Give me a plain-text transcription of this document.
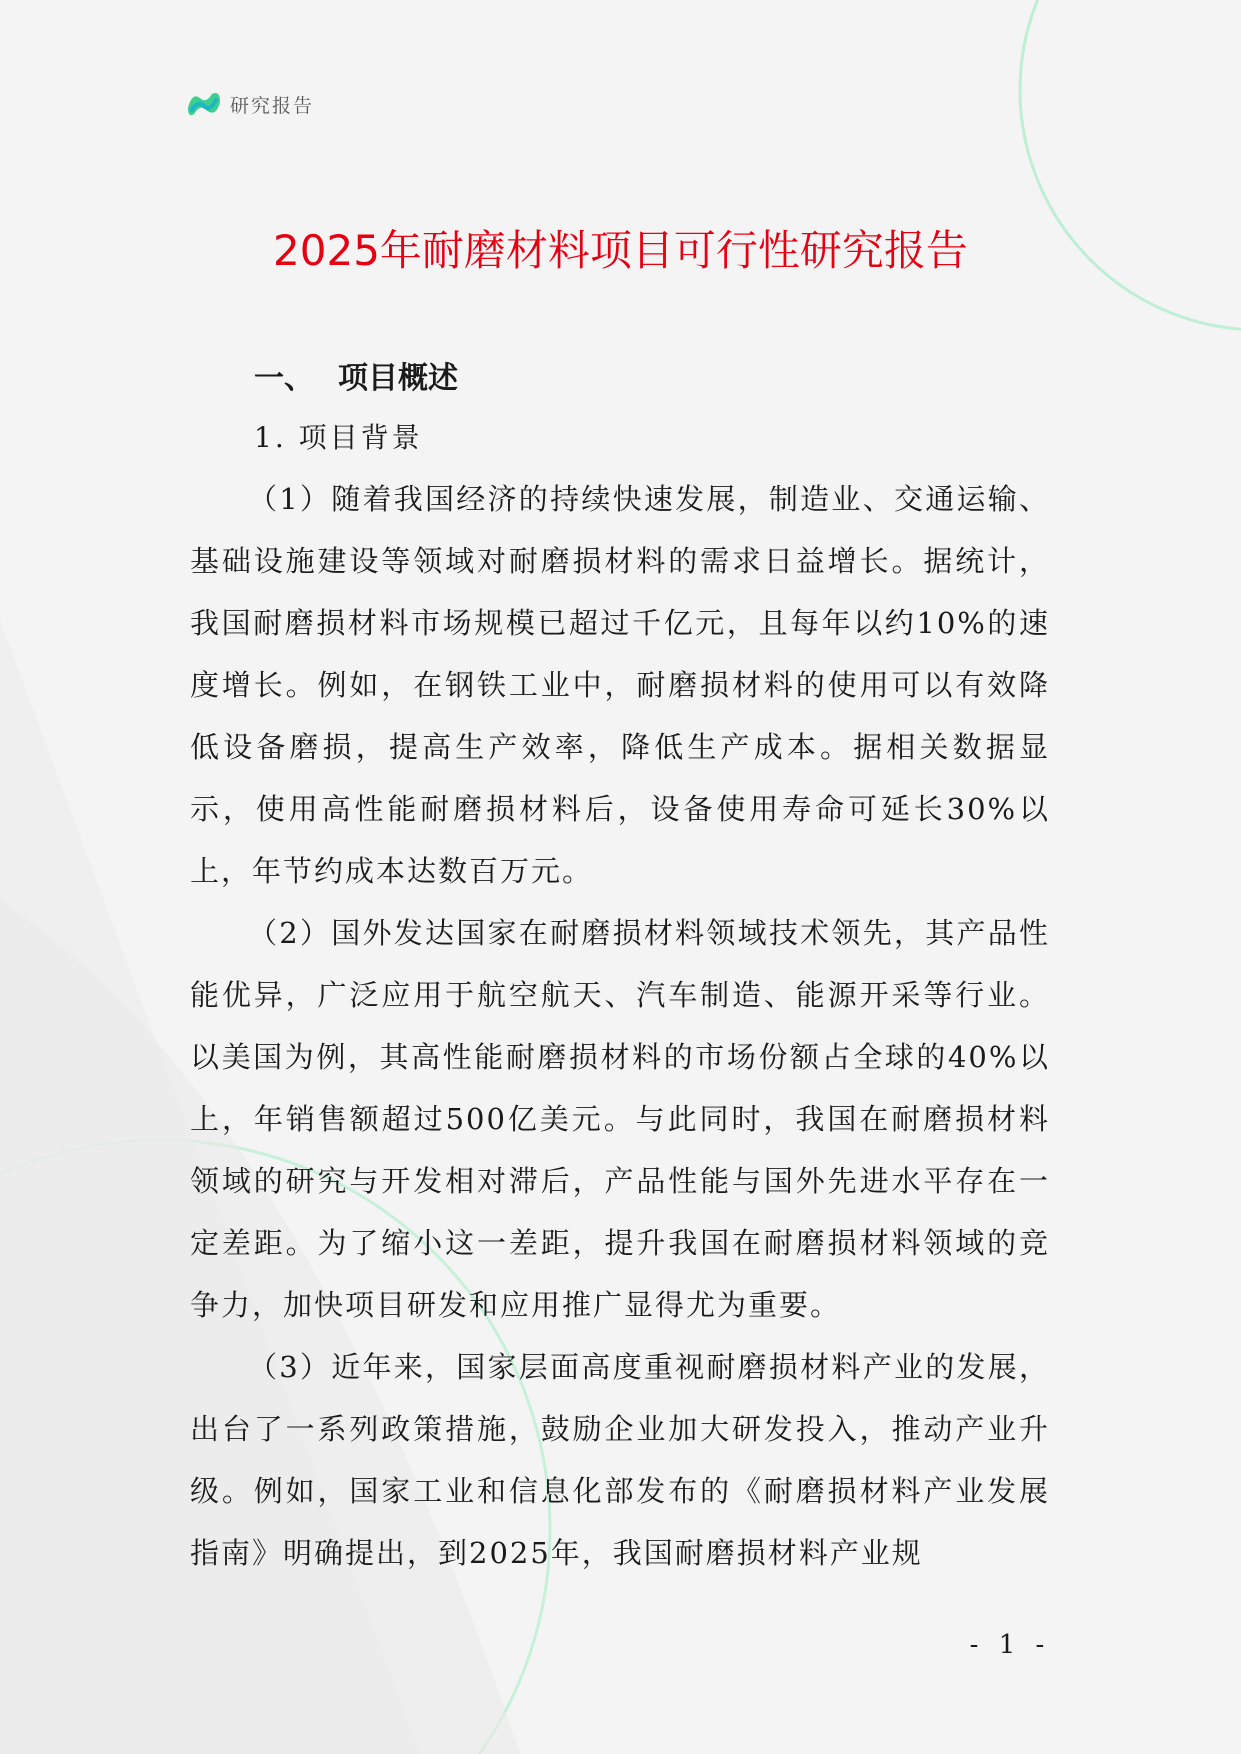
研究报告
2025年耐磨材料项目可行性研究报告
一、 项目概述
1. 项目背景

（1）随着我国经济的持续快速发展，制造业、交通运输、基础设施建设等领域对耐磨损材料的需求日益增长。据统计，我国耐磨损材料市场规模已超过千亿元，且每年以约10%的速度增长。例如，在钢铁工业中，耐磨损材料的使用可以有效降低设备磨损，提高生产效率，降低生产成本。据相关数据显示，使用高性能耐磨损材料后，设备使用寿命可延长30%以上，年节约成本达数百万元。

（2）国外发达国家在耐磨损材料领域技术领先，其产品性能优异，广泛应用于航空航天、汽车制造、能源开采等行业。以美国为例，其高性能耐磨损材料的市场份额占全球的40%以上，年销售额超过500亿美元。与此同时，我国在耐磨损材料领域的研究与开发相对滞后，产品性能与国外先进水平存在一定差距。为了缩小这一差距，提升我国在耐磨损材料领域的竞争力，加快项目研发和应用推广显得尤为重要。

（3）近年来，国家层面高度重视耐磨损材料产业的发展，出台了一系列政策措施，鼓励企业加大研发投入，推动产业升级。例如，国家工业和信息化部发布的《耐磨损材料产业发展指南》明确提出，到2025年，我国耐磨损材料产业规

- 1 -
